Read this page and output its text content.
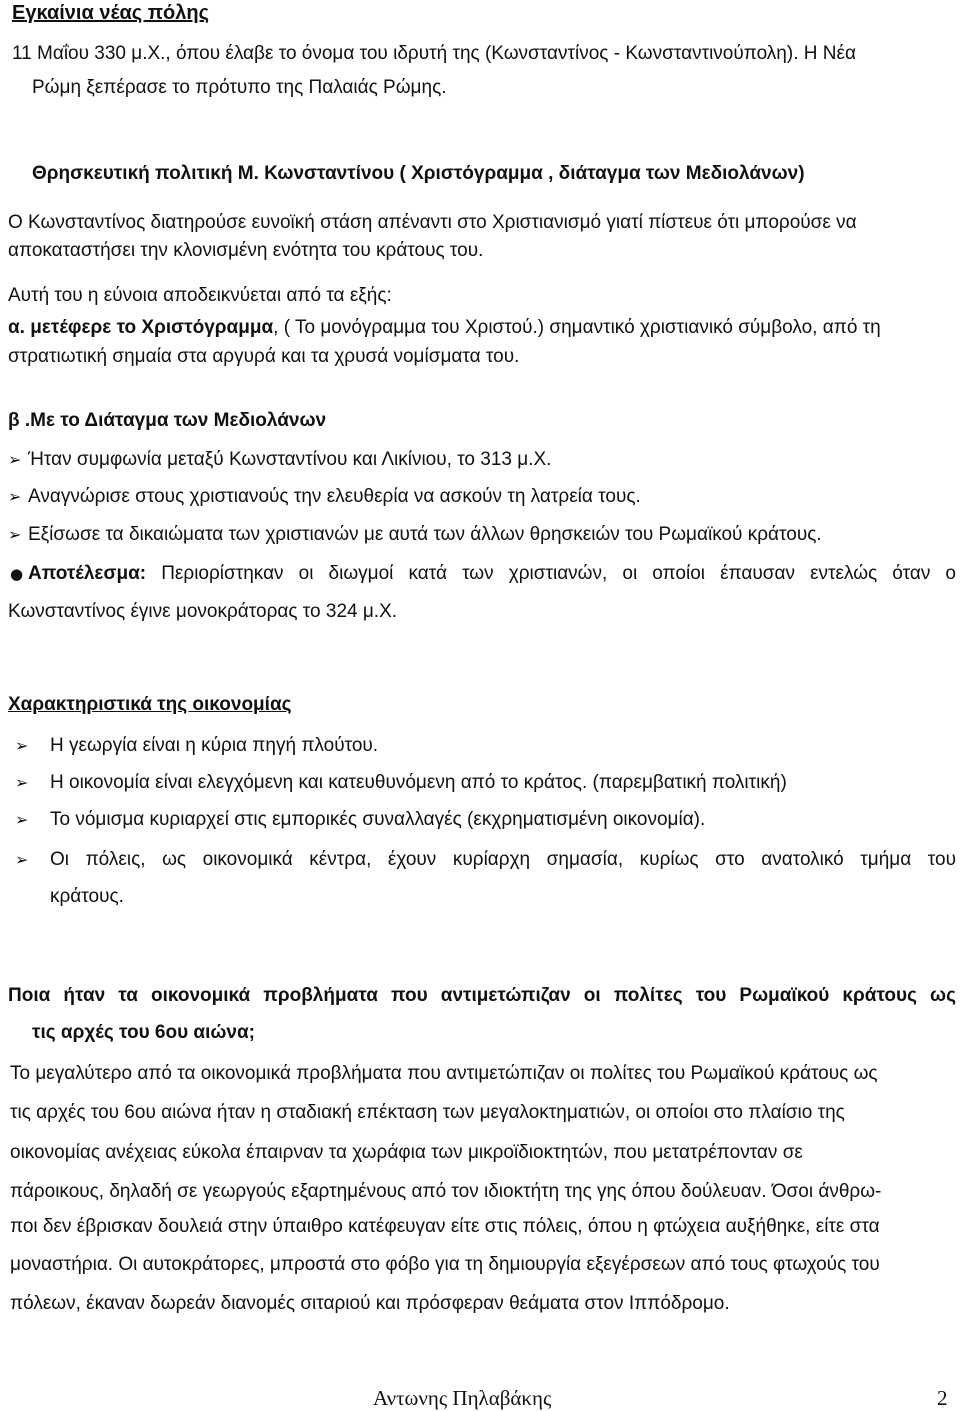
Εγκαίνια νέας πόλης
11 Μαΐου 330 μ.Χ., όπου έλαβε το όνομα του ιδρυτή της (Κωνσταντίνος - Κωνσταντινούπολη). Η Νέα
Ρώμη ξεπέρασε το πρότυπο της Παλαιάς Ρώμης.
Θρησκευτική πολιτική Μ. Κωνσταντίνου ( Χριστόγραμμα , διάταγμα των Μεδιολάνων)
Ο Κωνσταντίνος διατηρούσε ευνοϊκή στάση απέναντι στο Χριστιανισμό γιατί πίστευε ότι μπορούσε να
αποκαταστήσει την κλονισμένη ενότητα του κράτους του.
Αυτή του η εύνοια αποδεικνύεται από τα εξής:
α. μετέφερε το Χριστόγραμμα, ( Το μονόγραμμα του Χριστού.) σημαντικό χριστιανικό σύμβολο, από τη
στρατιωτική σημαία στα αργυρά και τα χρυσά νομίσματα του.
β .Με το Διάταγμα των Μεδιολάνων
➢ Ήταν συμφωνία μεταξύ Κωνσταντίνου και Λικίνιου, το 313 μ.Χ.
➢ Αναγνώρισε στους χριστιανούς την ελευθερία να ασκούν τη λατρεία τους.
➢ Εξίσωσε τα δικαιώματα των χριστιανών με αυτά των άλλων θρησκειών του Ρωμαϊκού κράτους.
● Αποτέλεσμα: Περιορίστηκαν οι διωγμοί κατά των χριστιανών, οι οποίοι έπαυσαν εντελώς όταν ο
Κωνσταντίνος έγινε μονοκράτορας το 324 μ.Χ.
Χαρακτηριστικά της οικονομίας
➢ Η γεωργία είναι η κύρια πηγή πλούτου.
➢ Η οικονομία είναι ελεγχόμενη και κατευθυνόμενη από το κράτος. (παρεμβατική πολιτική)
➢ Το νόμισμα κυριαρχεί στις εμπορικές συναλλαγές (εκχρηματισμένη οικονομία).
➢ Οι πόλεις, ως οικονομικά κέντρα, έχουν κυρίαρχη σημασία, κυρίως στο ανατολικό τμήμα του
κράτους.
Ποια ήταν τα οικονομικά προβλήματα που αντιμετώπιζαν οι πολίτες του Ρωμαϊκού κράτους ως
τις αρχές του 6ου αιώνα;
Το μεγαλύτερο από τα οικονομικά προβλήματα που αντιμετώπιζαν οι πολίτες του Ρωμαϊκού κράτους ως
τις αρχές του 6ου αιώνα ήταν η σταδιακή επέκταση των μεγαλοκτηματιών, οι οποίοι στο πλαίσιο της
οικονομίας ανέχειας εύκολα έπαιρναν τα χωράφια των μικροϊδιοκτητών, που μετατρέπονταν σε
πάροικους, δηλαδή σε γεωργούς εξαρτημένους από τον ιδιοκτήτη της γης όπου δούλευαν. Όσοι άνθρω-
ποι δεν έβρισκαν δουλειά στην ύπαιθρο κατέφευγαν είτε στις πόλεις, όπου η φτώχεια αυξήθηκε, είτε στα
μοναστήρια. Οι αυτοκράτορες, μπροστά στο φόβο για τη δημιουργία εξεγέρσεων από τους φτωχούς του
πόλεων, έκαναν δωρεάν διανομές σιταριού και πρόσφεραν θεάματα στον Ιππόδρομο.
Αντωνης Πηλαβάκης	2
